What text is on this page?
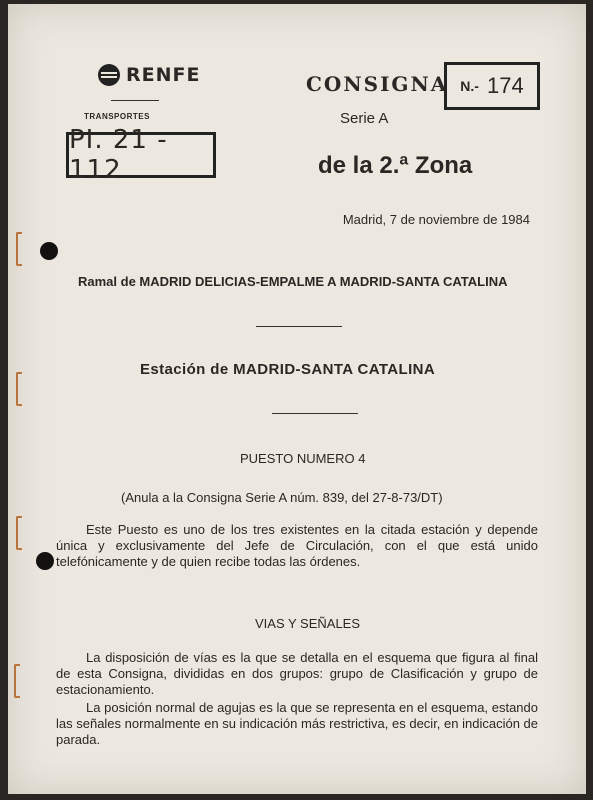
RENFE
TRANSPORTES
PI. 21 - 112
CONSIGNA N.- 174
Serie A
de la 2.ª Zona
Madrid, 7 de noviembre de 1984
Ramal de MADRID DELICIAS-EMPALME A MADRID-SANTA CATALINA
Estación de MADRID-SANTA CATALINA
PUESTO NUMERO 4
(Anula a la Consigna Serie A núm. 839, del 27-8-73/DT)
Este Puesto es uno de los tres existentes en la citada estación y depende única y exclusivamente del Jefe de Circulación, con el que está unido telefónicamente y de quien recibe todas las órdenes.
VIAS Y SEÑALES
La disposición de vías es la que se detalla en el esquema que figura al final de esta Consigna, divididas en dos grupos: grupo de Clasificación y grupo de estacionamiento.
La posición normal de agujas es la que se representa en el esquema, estando las señales normalmente en su indicación más restrictiva, es decir, en indicación de parada.
